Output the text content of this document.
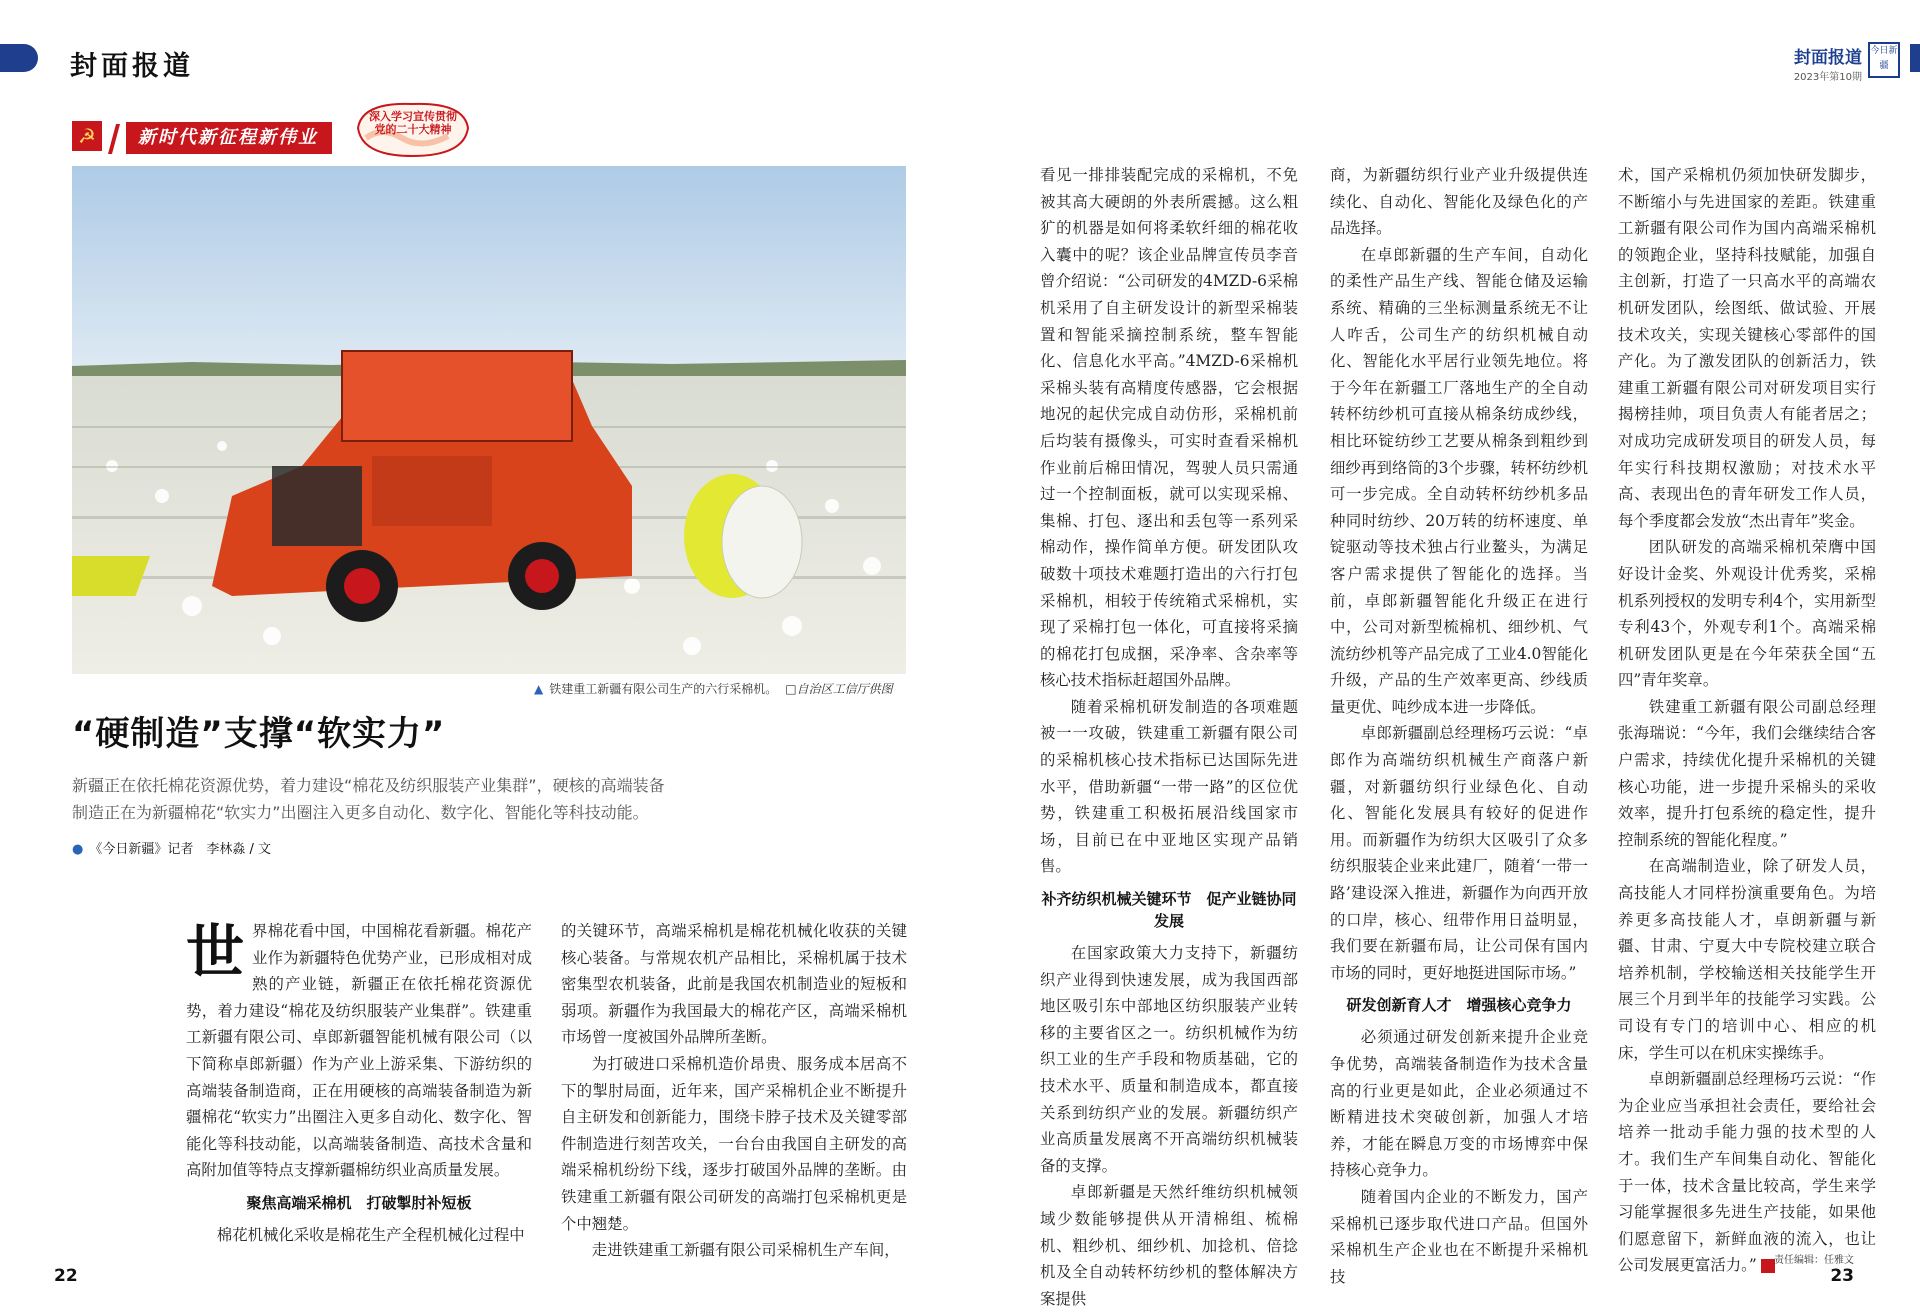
封面报道	封面报道
2023年第10期
今日新疆
☭	新时代新征程新伟业
深入学习宣传贯彻党的二十大精神
▲ 铁建重工新疆有限公司生产的六行采棉机。 □自治区工信厅供图
“硬制造”支撑“软实力”
新疆正在依托棉花资源优势，着力建设“棉花及纺织服装产业集群”，硬核的高端装备制造正在为新疆棉花“软实力”出圈注入更多自动化、数字化、智能化等科技动能。
● 《今日新疆》记者　李林淼 / 文
世 界棉花看中国，中国棉花看新疆。棉花产业作为新疆特色优势产业，已形成相对成熟的产业链，新疆正在依托棉花资源优势，着力建设“棉花及纺织服装产业集群”。铁建重工新疆有限公司、卓郎新疆智能机械有限公司（以下简称卓郎新疆）作为产业上游采集、下游纺织的高端装备制造商，正在用硬核的高端装备制造为新疆棉花“软实力”出圈注入更多自动化、数字化、智能化等科技动能，以高端装备制造、高技术含量和高附加值等特点支撑新疆棉纺织业高质量发展。

聚焦高端采棉机　打破掣肘补短板

棉花机械化采收是棉花生产全程机械化过程中

的关键环节，高端采棉机是棉花机械化收获的关键核心装备。与常规农机产品相比，采棉机属于技术密集型农机装备，此前是我国农机制造业的短板和弱项。新疆作为我国最大的棉花产区，高端采棉机市场曾一度被国外品牌所垄断。

为打破进口采棉机造价昂贵、服务成本居高不下的掣肘局面，近年来，国产采棉机企业不断提升自主研发和创新能力，围绕卡脖子技术及关键零部件制造进行刻苦攻关，一台台由我国自主研发的高端采棉机纷纷下线，逐步打破国外品牌的垄断。由铁建重工新疆有限公司研发的高端打包采棉机更是个中翘楚。

走进铁建重工新疆有限公司采棉机生产车间，

看见一排排装配完成的采棉机，不免被其高大硬朗的外表所震撼。这么粗犷的机器是如何将柔软纤细的棉花收入囊中的呢？该企业品牌宣传员李音曾介绍说：“公司研发的4MZD-6采棉机采用了自主研发设计的新型采棉装置和智能采摘控制系统，整车智能化、信息化水平高。”4MZD-6采棉机采棉头装有高精度传感器，它会根据地况的起伏完成自动仿形，采棉机前后均装有摄像头，可实时查看采棉机作业前后棉田情况，驾驶人员只需通过一个控制面板，就可以实现采棉、集棉、打包、逐出和丢包等一系列采棉动作，操作简单方便。研发团队攻破数十项技术难题打造出的六行打包采棉机，相较于传统箱式采棉机，实现了采棉打包一体化，可直接将采摘的棉花打包成捆，采净率、含杂率等核心技术指标赶超国外品牌。

随着采棉机研发制造的各项难题被一一攻破，铁建重工新疆有限公司的采棉机核心技术指标已达国际先进水平，借助新疆“一带一路”的区位优势，铁建重工积极拓展沿线国家市场，目前已在中亚地区实现产品销售。

补齐纺织机械关键环节　促产业链协同发展

在国家政策大力支持下，新疆纺织产业得到快速发展，成为我国西部地区吸引东中部地区纺织服装产业转移的主要省区之一。纺织机械作为纺织工业的生产手段和物质基础，它的技术水平、质量和制造成本，都直接关系到纺织产业的发展。新疆纺织产业高质量发展离不开高端纺织机械装备的支撑。

卓郎新疆是天然纤维纺织机械领域少数能够提供从开清棉组、梳棉机、粗纱机、细纱机、加捻机、倍捻机及全自动转杯纺纱机的整体解决方案提供

商，为新疆纺织行业产业升级提供连续化、自动化、智能化及绿色化的产品选择。

在卓郎新疆的生产车间，自动化的柔性产品生产线、智能仓储及运输系统、精确的三坐标测量系统无不让人咋舌，公司生产的纺织机械自动化、智能化水平居行业领先地位。将于今年在新疆工厂落地生产的全自动转杯纺纱机可直接从棉条纺成纱线，相比环锭纺纱工艺要从棉条到粗纱到细纱再到络筒的3个步骤，转杯纺纱机可一步完成。全自动转杯纺纱机多品种同时纺纱、20万转的纺杯速度、单锭驱动等技术独占行业鳌头，为满足客户需求提供了智能化的选择。当前，卓郎新疆智能化升级正在进行中，公司对新型梳棉机、细纱机、气流纺纱机等产品完成了工业4.0智能化升级，产品的生产效率更高、纱线质量更优、吨纱成本进一步降低。

卓郎新疆副总经理杨巧云说：“卓郎作为高端纺织机械生产商落户新疆，对新疆纺织行业绿色化、自动化、智能化发展具有较好的促进作用。而新疆作为纺织大区吸引了众多纺织服装企业来此建厂，随着‘一带一路’建设深入推进，新疆作为向西开放的口岸，核心、纽带作用日益明显，我们要在新疆布局，让公司保有国内市场的同时，更好地挺进国际市场。”

研发创新育人才　增强核心竞争力

必须通过研发创新来提升企业竞争优势，高端装备制造作为技术含量高的行业更是如此，企业必须通过不断精进技术突破创新，加强人才培养，才能在瞬息万变的市场博弈中保持核心竞争力。

随着国内企业的不断发力，国产采棉机已逐步取代进口产品。但国外采棉机生产企业也在不断提升采棉机技

术，国产采棉机仍须加快研发脚步，不断缩小与先进国家的差距。铁建重工新疆有限公司作为国内高端采棉机的领跑企业，坚持科技赋能，加强自主创新，打造了一只高水平的高端农机研发团队，绘图纸、做试验、开展技术攻关，实现关键核心零部件的国产化。为了激发团队的创新活力，铁建重工新疆有限公司对研发项目实行揭榜挂帅，项目负责人有能者居之；对成功完成研发项目的研发人员，每年实行科技期权激励；对技术水平高、表现出色的青年研发工作人员，每个季度都会发放“杰出青年”奖金。

团队研发的高端采棉机荣膺中国好设计金奖、外观设计优秀奖，采棉机系列授权的发明专利4个，实用新型专利43个，外观专利1个。高端采棉机研发团队更是在今年荣获全国“五四”青年奖章。

铁建重工新疆有限公司副总经理张海瑞说：“今年，我们会继续结合客户需求，持续优化提升采棉机的关键核心功能，进一步提升采棉头的采收效率，提升打包系统的稳定性，提升控制系统的智能化程度。”

在高端制造业，除了研发人员，高技能人才同样扮演重要角色。为培养更多高技能人才，卓朗新疆与新疆、甘肃、宁夏大中专院校建立联合培养机制，学校输送相关技能学生开展三个月到半年的技能学习实践。公司设有专门的培训中心、相应的机床，学生可以在机床实操练手。

卓朗新疆副总经理杨巧云说：“作为企业应当承担社会责任，要给社会培养一批动手能力强的技术型的人才。我们生产车间集自动化、智能化于一体，技术含量比较高，学生来学习能掌握很多先进生产技能，如果他们愿意留下，新鲜血液的流入，也让公司发展更富活力。”

22
责任编辑：任雅文
23
